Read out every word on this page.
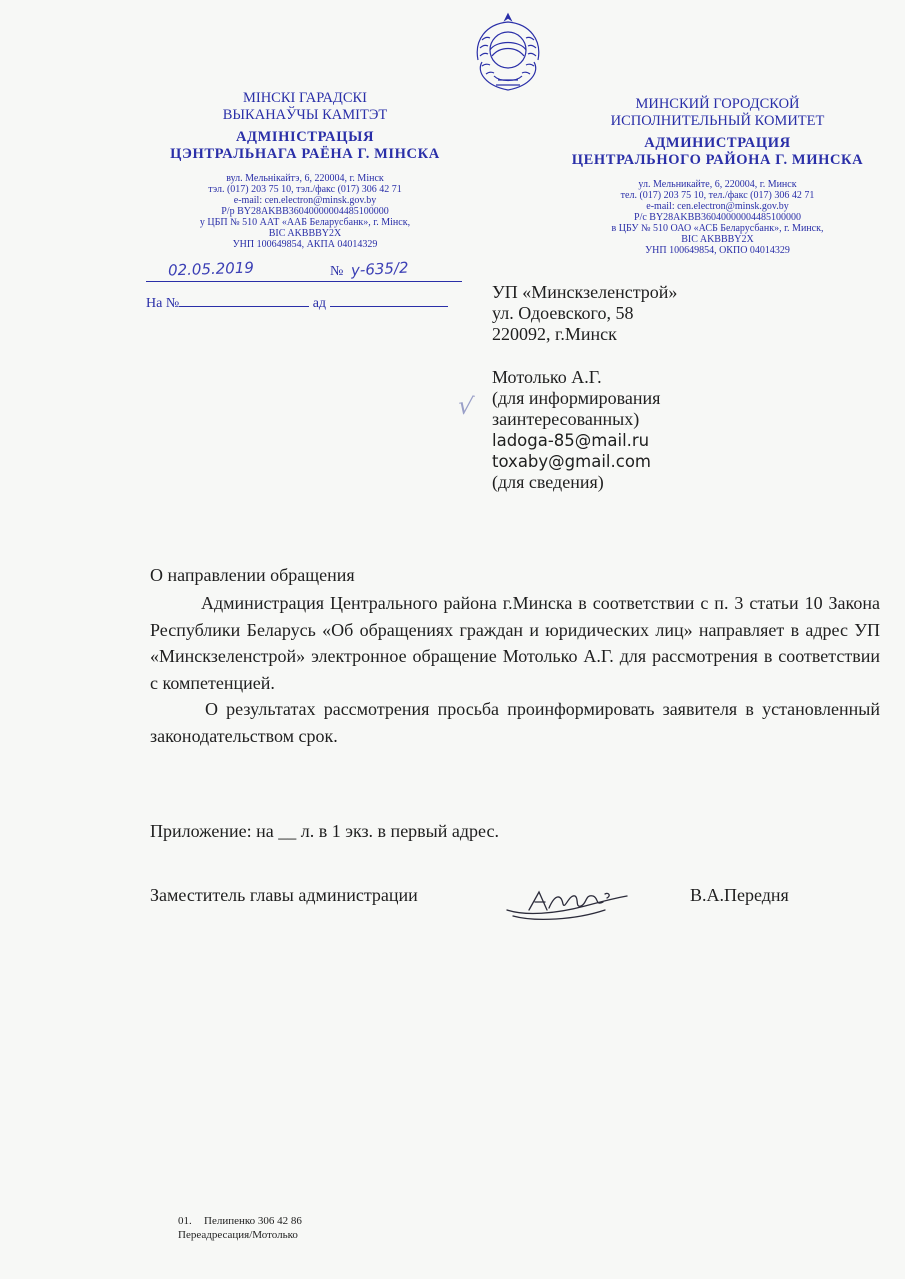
МІНСКІ ГАРАДСКІ
ВЫКАНАЎЧЫ КАМІТЭТ
АДМІНІСТРАЦЫЯ
ЦЭНТРАЛЬНАГА РАЁНА Г. МІНСКА
вул. Мельнікайтэ, 6, 220004, г. Мінск
тэл. (017) 203 75 10, тэл./факс (017) 306 42 71
e-mail: cen.electron@minsk.gov.by
Р/р BY28AKBB36040000004485100000
у ЦБП № 510 ААТ «ААБ Беларусбанк», г. Мінск,
BIC AKBBBY2X
УНП 100649854, АКПА 04014329
МИНСКИЙ ГОРОДСКОЙ
ИСПОЛНИТЕЛЬНЫЙ КОМИТЕТ
АДМИНИСТРАЦИЯ
ЦЕНТРАЛЬНОГО РАЙОНА Г. МИНСКА
ул. Мельникайте, 6, 220004, г. Минск
тел. (017) 203 75 10, тел./факс (017) 306 42 71
e-mail: cen.electron@minsk.gov.by
Р/с BY28AKBB36040000004485100000
в ЦБУ № 510 ОАО «АСБ Беларусбанк», г. Минск,
BIC AKBBBY2X
УНП 100649854, ОКПО 04014329
02.05.2019	№ у-635/2
На №	ад
√

УП «Минскзеленстрой»

ул. Одоевского, 58

220092, г.Минск

Мотолько А.Г.

(для информирования

заинтересованных)

ladoga-85@mail.ru

toxaby@gmail.com

(для сведения)

О направлении обращения

Администрация Центрального района г.Минска в соответствии с п. 3 статьи 10 Закона Республики Беларусь «Об обращениях граждан и юридических лиц» направляет в адрес УП «Минскзеленстрой» электронное обращение Мотолько А.Г. для рассмотрения в соответствии с компетенцией.

О результатах рассмотрения просьба проинформировать заявителя в установленный законодательством срок.

Приложение: на __ л. в 1 экз. в первый адрес.
Заместитель главы администрации	В.А.Передня
01. Пелипенко 306 42 86
Переадресация/Мотолько
